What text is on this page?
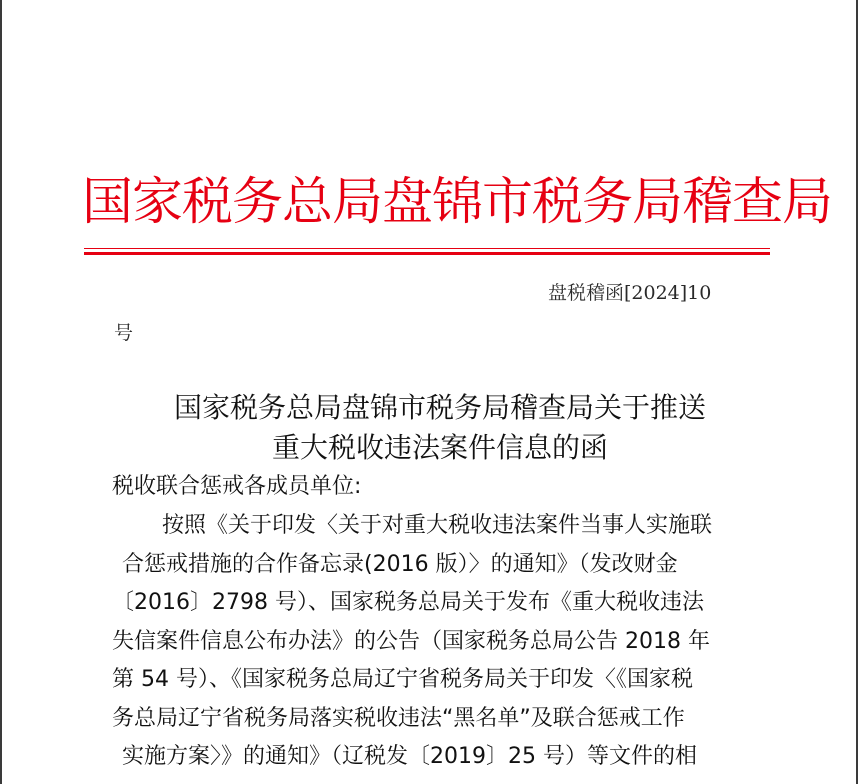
国家税务总局盘锦市税务局稽查局
盘税稽函[2024]10
号
国家税务总局盘锦市税务局稽查局关于推送
重大税收违法案件信息的函
税收联合惩戒各成员单位:
按照《关于印发〈关于对重大税收违法案件当事人实施联
合惩戒措施的合作备忘录(2016 版）〉的通知》（发改财金
〔2016〕2798 号）、国家税务总局关于发布《重大税收违法
失信案件信息公布办法》的公告（国家税务总局公告 2018 年
第 54 号）、《国家税务总局辽宁省税务局关于印发〈《国家税
务总局辽宁省税务局落实税收违法“黑名单”及联合惩戒工作
实施方案〉》的通知》（辽税发〔2019〕25 号）等文件的相
